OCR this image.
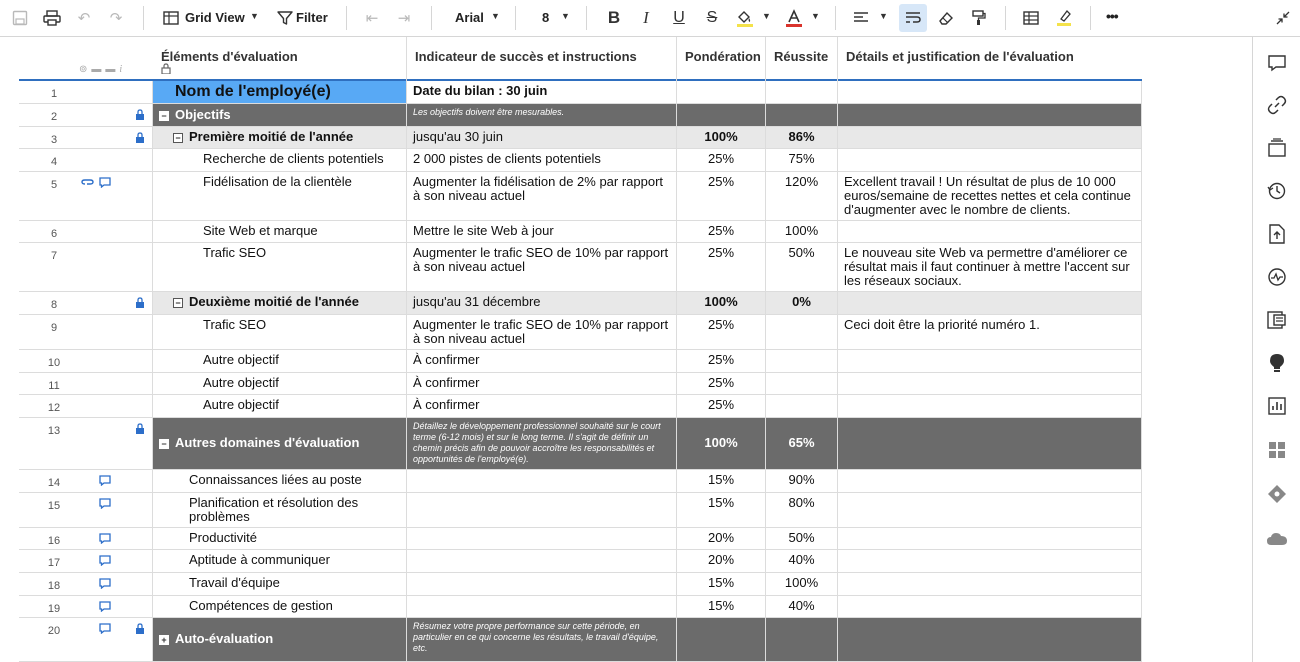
↶	↷	Grid View ▼	Filter	⇤	⇥	Arial ▼	8 ▼	B	I	U	S	▼	▼	▼	•••
⊚▬▬i
Éléments d'évaluation	Indicateur de succès et instructions	Pondération	Réussite	Détails et justification de l'évaluation
1	Nom de l'employé(e)	Date du bilan : 30 juin
2	− Objectifs	Les objectifs doivent être mesurables.
3	− Première moitié de l'année	jusqu'au 30 juin	100%	86%
4	Recherche de clients potentiels	2 000 pistes de clients potentiels	25%	75%
5	Fidélisation de la clientèle	Augmenter la fidélisation de 2% par rapport à son niveau actuel
25%	120%	Excellent travail ! Un résultat de plus de 10 000 euros/semaine de recettes nettes et cela continue d'augmenter avec le nombre de clients.
6	Site Web et marque	Mettre le site Web à jour	25%	100%
7	Trafic SEO	Augmenter le trafic SEO de 10% par rapport à son niveau actuel
25%	50%	Le nouveau site Web va permettre d'améliorer ce résultat mais il faut continuer à mettre l'accent sur les réseaux sociaux.
8	− Deuxième moitié de l'année	jusqu'au 31 décembre	100%	0%
9	Trafic SEO	Augmenter le trafic SEO de 10% par rapport à son niveau actuel
25%	Ceci doit être la priorité numéro 1.
10	Autre objectif	À confirmer	25%
11	Autre objectif	À confirmer	25%
12	Autre objectif	À confirmer	25%
13
− Autres domaines d'évaluation
Détaillez le développement professionnel souhaité sur le court terme (6-12 mois) et sur le long terme. Il s'agit de définir un chemin précis afin de pouvoir accroître les responsabilités et opportunités de l'employé(e).
100%	65%
14	Connaissances liées au poste	15%	90%
15	Planification et résolution des problèmes
15%	80%
16	Productivité	20%	50%
17	Aptitude à communiquer	20%	40%
18	Travail d'équipe	15%	100%
19	Compétences de gestion	15%	40%
20
+ Auto-évaluation
Résumez votre propre performance sur cette période, en particulier en ce qui concerne les résultats, le travail d'équipe, etc.
